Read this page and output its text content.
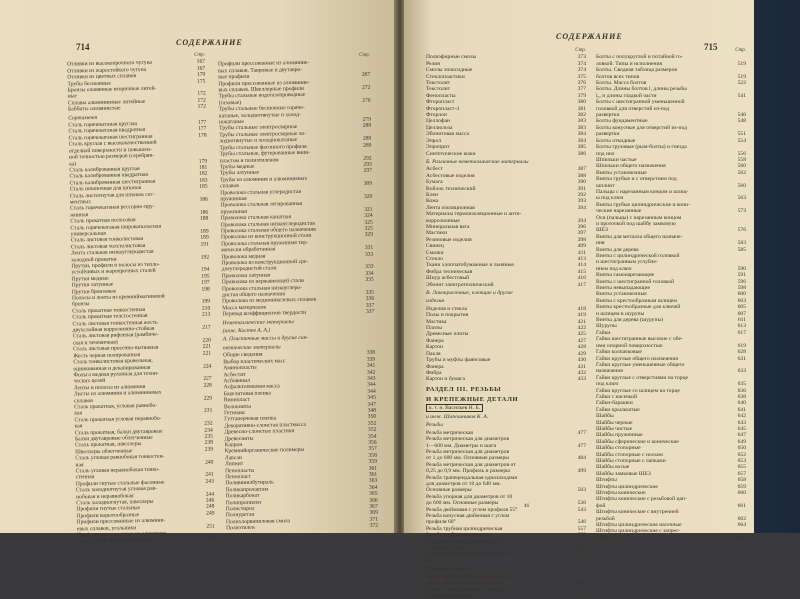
714	СОДЕРЖАНИЕ
Стр.
Отливки из высокопрочного чугуна	167
Отливки из жаростойкого чугуна	167
Отливки из цветных сплавов	170
Трубы бесшовные	175
Бронзы оловянные вторичные литей-
ные	172
Сплавы алюминиевые литейные	172
Баббиты оловянистые	172
Сортамент
Сталь горячекатаная круглая	177
Сталь горячекатаная квадратная	177
Сталь горячекатаная шестигранная	178
Сталь круглая с высококачественной
отделкой поверхности и повышен-
ной точностью размеров (серебрян-
ка)	179
Сталь калиброванная круглая	181
Сталь калиброванная квадратная	182
Сталь калиброванная шестигранная	183
Сталь шпоночная для шпонок	185
Сталь листогнутая для шпонок сег-
ментных	186
Сталь горячекатаная рессорно-пру-
жинная	186
Сталь прокатная полосовая	188
Сталь горячекатаная широкополосная
универсальная	189
Сталь листовая тонколистовая	189
Сталь листовая толстолистовая	191
Лента стальная низкоуглеродистая
холодной прокатки	192
Прутки, профили и полосы из тепло-
устойчивых и жаропрочных сталей	194
Прутки медные	195
Прутки латунные	197
Прутки бронзовые	198
Полосы и ленты из кремниймагниевой
бронзы	199
Сталь прокатная тонкостенная	210
Сталь прокатная толстостенная	213
Сталь листовая тонкостенная жесть
двухслойная коррозионно-стойкая	217
Сталь листовая рифленая (ромбиче-
ская и чечевичная)	220
Сталь листовая просечно-вытяжная	221
Жесть черная полированная	221
Сталь тонколистовая кровельная,
оцинкованная и декапированная	224
Фольга медная рулонная для техни-
ческих целей	227
Ленты и полосы из алюминия	228
Листы из алюминия и алюминиевых
сплавов	229
Сталь прокатная, угловая равнобо-
кая	231
Сталь прокатная угловая неравнобо-
кая	232
Сталь прокатная, балки двутавровые	234
Балки двутавровые облегченные	235
Сталь прокатная, швеллеры	238
Швеллеры облегченные	239
Сталь угловая равнобокая тонкостен-
ная	240
Сталь угловая неравнобокая тонко-
стенная	241
Профили гнутые стальные фасонные	243
Сталь холодногнутая угловая рав-
нобокая и неравнобокая	244
Сталь холодногнутая, швеллеры	246
Профили гнутые стальные	248
Профили корытообразные	249
Профили прессованные из алюмини-
евых сплавов, угольники	251
Профили прессованные из алюминие-
вых сплавов. Зетовые профили	262
Стр.
Профили прессованные из алюминие-
вых сплавов. Тавровые и двутавро-
вые профили	267
Профили прессованные из алюминие-
вых сплавов. Швеллерные профили	272
Трубы стальные водогазопроводные
(газовые)	276
Трубы стальные бесшовные горяче-
катаные, холоднотянутые и холод-
нокатаные	279
Трубы стальные электросварные	288
Трубы стальные электросварные хо-
лоднотянутые и холоднокатаные	289
Трубы стальные фасонного профиля	289
Трубы стальные, футерованные вини-
пластом и полиэтиленом	292
Трубы медные	293
Трубы латунные	297
Трубы из алюминия и алюминиевых
сплавов	309
Проволока стальная углеродистая
пружинная	320
Проволока стальная легированная
пружинная	321
Проволока стальная канатная	324
Проволока стальная низкоуглеродистая	325
Проволока стальная общего назначения	325
Проволока из конструкционной стали	329
Проволока стальная пружинная тер-
мически обработанная	331
Проволока медная	333
Проволока из конструкционной сре-
днеуглеродистой стали	333
Проволока латунная	334
Проволока из нержавеющей стали	335
Проволока стальная низкоуглеро-
дистая общего назначения	335
Проволока из медноникелевых сплавов	336
Масса материалов	337
Перевод коэффициентов твердости	337
Неметаллические материалы
(инж. Костев А. А.)
А. Пластичные массы и другие син-
тетические материалы
Общие сведения	338
Выбор пластических масс	339
Аминопласты	341
Асбестит	342
Асбовинил	343
Асфальтопековая масса	344
Бакелитовая пленка	344
Винипласт	345
Волокниты	347
Гетинакс	348
Гуттаперчевая пленка	350
Декоративно-слоистая пластмасса	352
Древесно-слоистые пластики	352
Древесниты	354
Капрон	356
Кремнийорганические полимеры	357
Лавсан	358
Липнит	359
Пенопласты	361
Пенопласт	361
Поливинилбутираль	363
Поликапролактам	364
Поликарбонат	365
Полипропилен	366
Полистирол	367
Полиуретан	369
Полихлорвиниловая смола	371
Полиэтилен	372
715
СОДЕРЖАНИЕ
Стр.
Полиэфирные смолы	373
Релин	374
Смолы эпоксидные	374
Стеклопластики	375
Текстолит	376
Текстолит	377
Фенопласты	379
Фторопласт	380
Фторопласт-4	381
Фторлон	382
Целлофан	383
Целлюлоза	383
Эбонитовая масса	384
Эпрол	384
Эпроприт	385
Синтетические кожи	386
Б. Различные неметаллические материалы
Асбест	387
Асбестовые изделия	388
Бумага	390
Войлок технический	391
Клеи	392
Кожа	393
Лента изоляционная	394
Материалы термоизоляционные и анти-
коррозионные	394
Минеральная вата	396
Мастики	397
Резиновые изделия	398
Свинец	409
Смазки	411
Стекло	413
Ткани хлопчатобумажные и льняные	414
Фибра техническая	415
Шнур асбестовый	416
Эбонит электротехнический	417
В. Лакокрасочные, клеящие и другие
изделия
Изделия и стекла	418
Полы и покрытия	419
Мастика	421
Плиты	422
Древесные плиты	425
Фанера	427
Картон	428
Пакля	429
Трубы и муфты фаянсовые	430
Фанера	431
Фибра	432
Картон и бумага	433
РАЗДЕЛ III. РЕЗЬБЫ
И КРЕПЕЖНЫЕ ДЕТАЛИ
к. т. н. Васильев Н. Б.
и инж. Шапошников К. А.
Резьбы
Резьба метрическая	477
Резьба метрическая для диаметров
1—600 мм. Диаметры и шаги	477
Резьба метрическая для диаметров
от 1 до 600 мм. Основные размеры	484
Резьба метрическая для диаметров от
0,25 до 0,9 мм. Профиль и размеры	499
Резьба трапецеидальная однозаходная
для диаметров от 10 до 640 мм.
Основные размеры	503
Резьба упорная для диаметров от 10
до 600 мм. Основные размеры	536
Резьба дюймовая с углом профиля 55°	543
Резьба конусная дюймовая с углом
профиля 60°	546
Резьба трубная цилиндрическая	557
Резьба трубная коническая	559
Резьба конические вентилей и ба-
ллонов для газов	560
Резьба М6×1 коническая для масле-
нок	562
Крепежные детали
Болты, винты и гайки общего назна-
чения. Технические требования	563
Болты с шестигранной головкой.
Типы и исполнения	516
Стр.
Болты с полукруглой и потайной го-
ловкой. Типы и исполнения	519
Болты. Сводная таблица размеров
болтов всех типов	519
Болты. Масса болтов	522
Болты. Длины болтов l, длины резьбы
l₀, и длины гладкой части	541
Болты с шестигранной уменьшенной
головкой для отверстий из-под
развертки	546
Болты фундаментные	548
Болты конусные для отверстий из-под
развертки	551
Болты откидные	554
Болты грузовые (рым-болты) и гнезда
под них	556
Шпильки частые	558
Шпильки общего назначения	560
Винты установочные	562
Винты грубые и с отверстием под
шплинт	560
Пальцы с нарезанным концом и шлиц-
ы под ключ	563
Винты грубые цилиндрические и кони-
ческие нарезанные	573
Оси (пальцы) с нарезанным концом
и проточкой под шайбу замковую
ШЕЗ	576
Винты для металла общего назначе-
ния	583
Винты для дерева	585
Винты с цилиндрической головкой
и шестигранным углубле-
нием под ключ	590
Винты самонарезающие	591
Винты с шестигранной головкой	596
Винты невыпадающие	598
Винты установочные	600
Винты с крестообразным шлицем	603
Винты крестообразные для ключей	605
и шлицем в шурупы	607
Винты для дерева (шурупы)	611
Шурупы	613
Гайки	617
Гайки шестигранные высокие с обе-
ими опорной поверхностью	619
Гайки колпачковые	628
Гайки круглые общего назначения	631
Гайки круглые уменьшенные общего
назначения	633
Гайки круглые с отверстиями на торце
под ключ	635
Гайки круглые со шлицем на торце	636
Гайки с насечкой	638
Гайки-барашки	640
Гайки крыльчатые	641
Шайбы	642
Шайбы черные	643
Шайбы чистые	645
Шайбы пружинные	647
Шайбы сферические и конические	649
Шайбы стопорные	650
Шайбы стопорные с носком	652
Шайбы стопорные с лапками	653
Шайбы косые	655
Шайбы замковые ШЕЗ	657
Штифты	658
Штифты цилиндрические	659
Штифты конические	660
Штифты конические с резьбовой цап-
фой	661
Штифты конические с внутренней
резьбой	662
Штифты цилиндрические насечные	664
Штифты цилиндрические с запрес-
совкой	666
46
